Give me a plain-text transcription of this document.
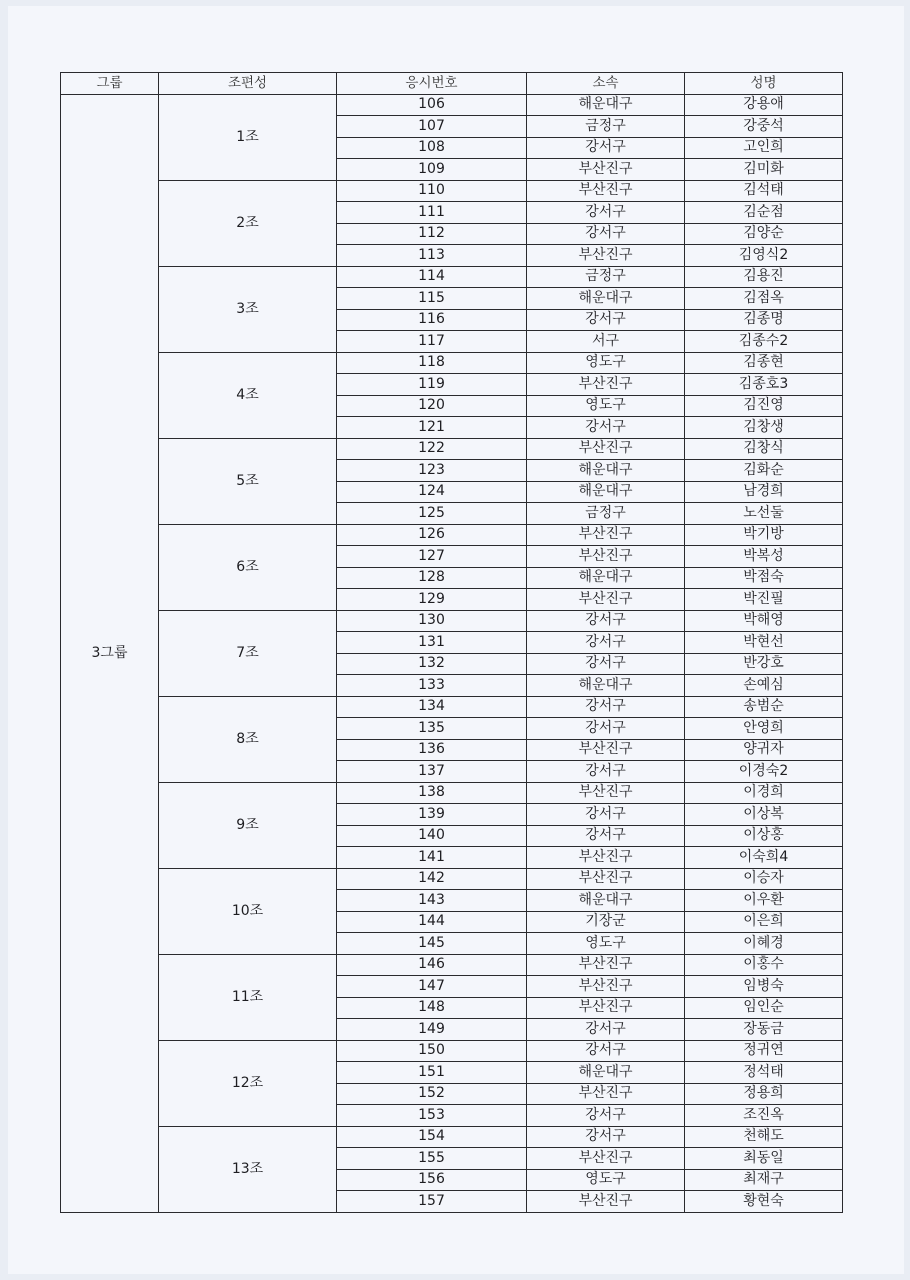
그룹	조편성	응시번호	소속	성명
3그룹	1조	106	해운대구	강용애
		107	금정구	강중석
		108	강서구	고인희
		109	부산진구	김미화
	2조	110	부산진구	김석태
		111	강서구	김순점
		112	강서구	김양순
		113	부산진구	김영식2
	3조	114	금정구	김용진
		115	해운대구	김점옥
		116	강서구	김종명
		117	서구	김종수2
	4조	118	영도구	김종현
		119	부산진구	김종호3
		120	영도구	김진영
		121	강서구	김창생
	5조	122	부산진구	김창식
		123	해운대구	김화순
		124	해운대구	남경희
		125	금정구	노선둘
	6조	126	부산진구	박기방
		127	부산진구	박복성
		128	해운대구	박점숙
		129	부산진구	박진필
	7조	130	강서구	박해영
		131	강서구	박현선
		132	강서구	반강호
		133	해운대구	손예심
	8조	134	강서구	송범순
		135	강서구	안영희
		136	부산진구	양귀자
		137	강서구	이경숙2
	9조	138	부산진구	이경희
		139	강서구	이상복
		140	강서구	이상홍
		141	부산진구	이숙희4
	10조	142	부산진구	이승자
		143	해운대구	이우환
		144	기장군	이은희
		145	영도구	이혜경
	11조	146	부산진구	이홍수
		147	부산진구	임병숙
		148	부산진구	임인순
		149	강서구	장동금
	12조	150	강서구	정귀연
		151	해운대구	정석태
		152	부산진구	정용희
		153	강서구	조진옥
	13조	154	강서구	천해도
		155	부산진구	최동일
		156	영도구	최재구
		157	부산진구	황현숙
